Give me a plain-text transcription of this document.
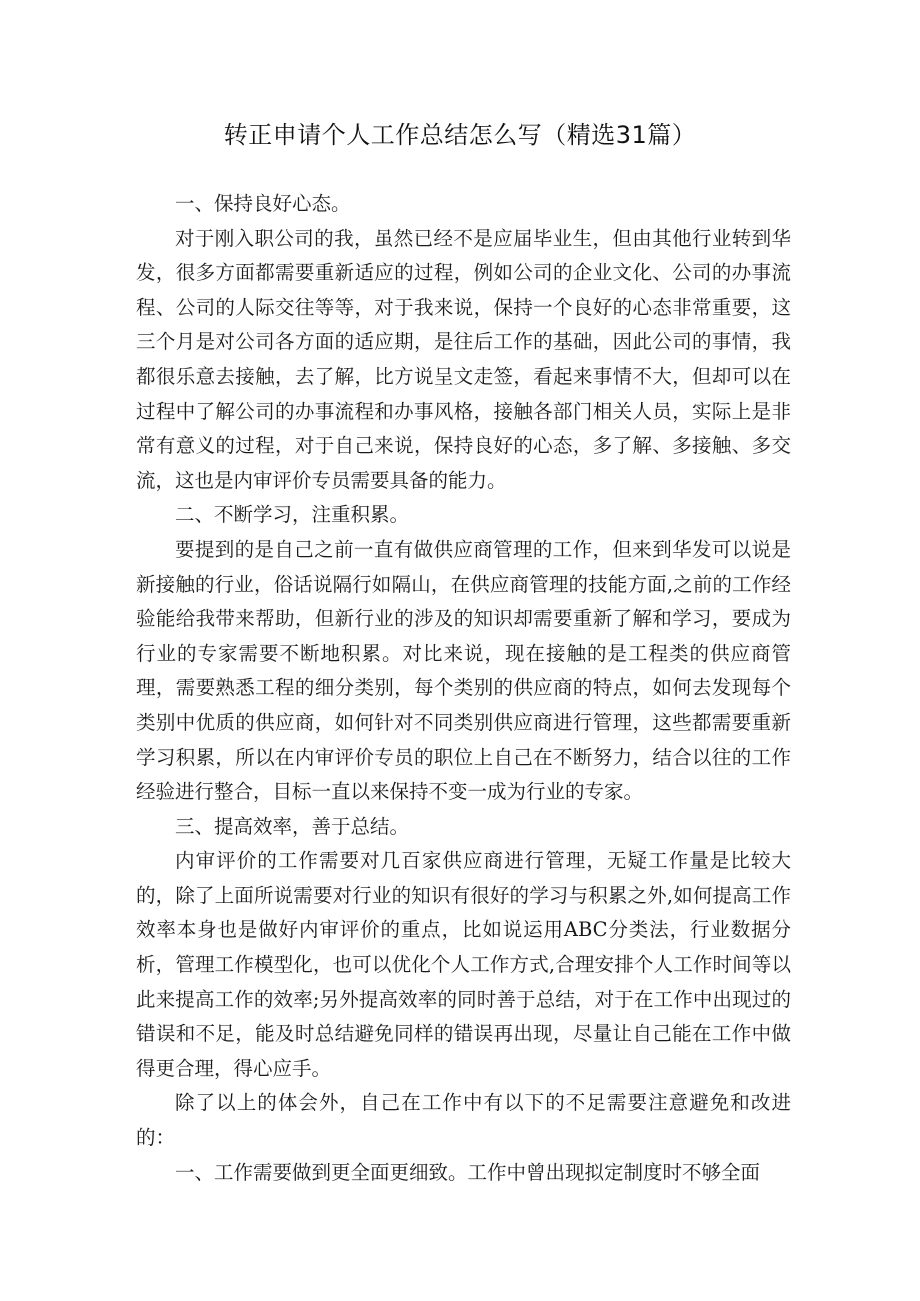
转正申请个人工作总结怎么写（精选31篇）

一、保持良好心态。

对于刚入职公司的我，虽然已经不是应届毕业生，但由其他行业转到华发，很多方面都需要重新适应的过程，例如公司的企业文化、公司的办事流程、公司的人际交往等等，对于我来说，保持一个良好的心态非常重要，这三个月是对公司各方面的适应期，是往后工作的基础，因此公司的事情，我都很乐意去接触，去了解，比方说呈文走签，看起来事情不大，但却可以在过程中了解公司的办事流程和办事风格，接触各部门相关人员，实际上是非常有意义的过程，对于自己来说，保持良好的心态，多了解、多接触、多交流，这也是内审评价专员需要具备的能力。

二、不断学习，注重积累。

要提到的是自己之前一直有做供应商管理的工作，但来到华发可以说是新接触的行业，俗话说隔行如隔山，在供应商管理的技能方面,之前的工作经验能给我带来帮助，但新行业的涉及的知识却需要重新了解和学习，要成为行业的专家需要不断地积累。对比来说，现在接触的是工程类的供应商管理，需要熟悉工程的细分类别，每个类别的供应商的特点，如何去发现每个类别中优质的供应商，如何针对不同类别供应商进行管理，这些都需要重新学习积累，所以在内审评价专员的职位上自己在不断努力，结合以往的工作经验进行整合，目标一直以来保持不变一成为行业的专家。

三、提高效率，善于总结。

内审评价的工作需要对几百家供应商进行管理，无疑工作量是比较大的，除了上面所说需要对行业的知识有很好的学习与积累之外,如何提高工作效率本身也是做好内审评价的重点，比如说运用ABC分类法，行业数据分析，管理工作模型化，也可以优化个人工作方式,合理安排个人工作时间等以此来提高工作的效率;另外提高效率的同时善于总结，对于在工作中出现过的错误和不足，能及时总结避免同样的错误再出现，尽量让自己能在工作中做得更合理，得心应手。

除了以上的体会外，自己在工作中有以下的不足需要注意避免和改进的：

一、工作需要做到更全面更细致。工作中曾出现拟定制度时不够全面
